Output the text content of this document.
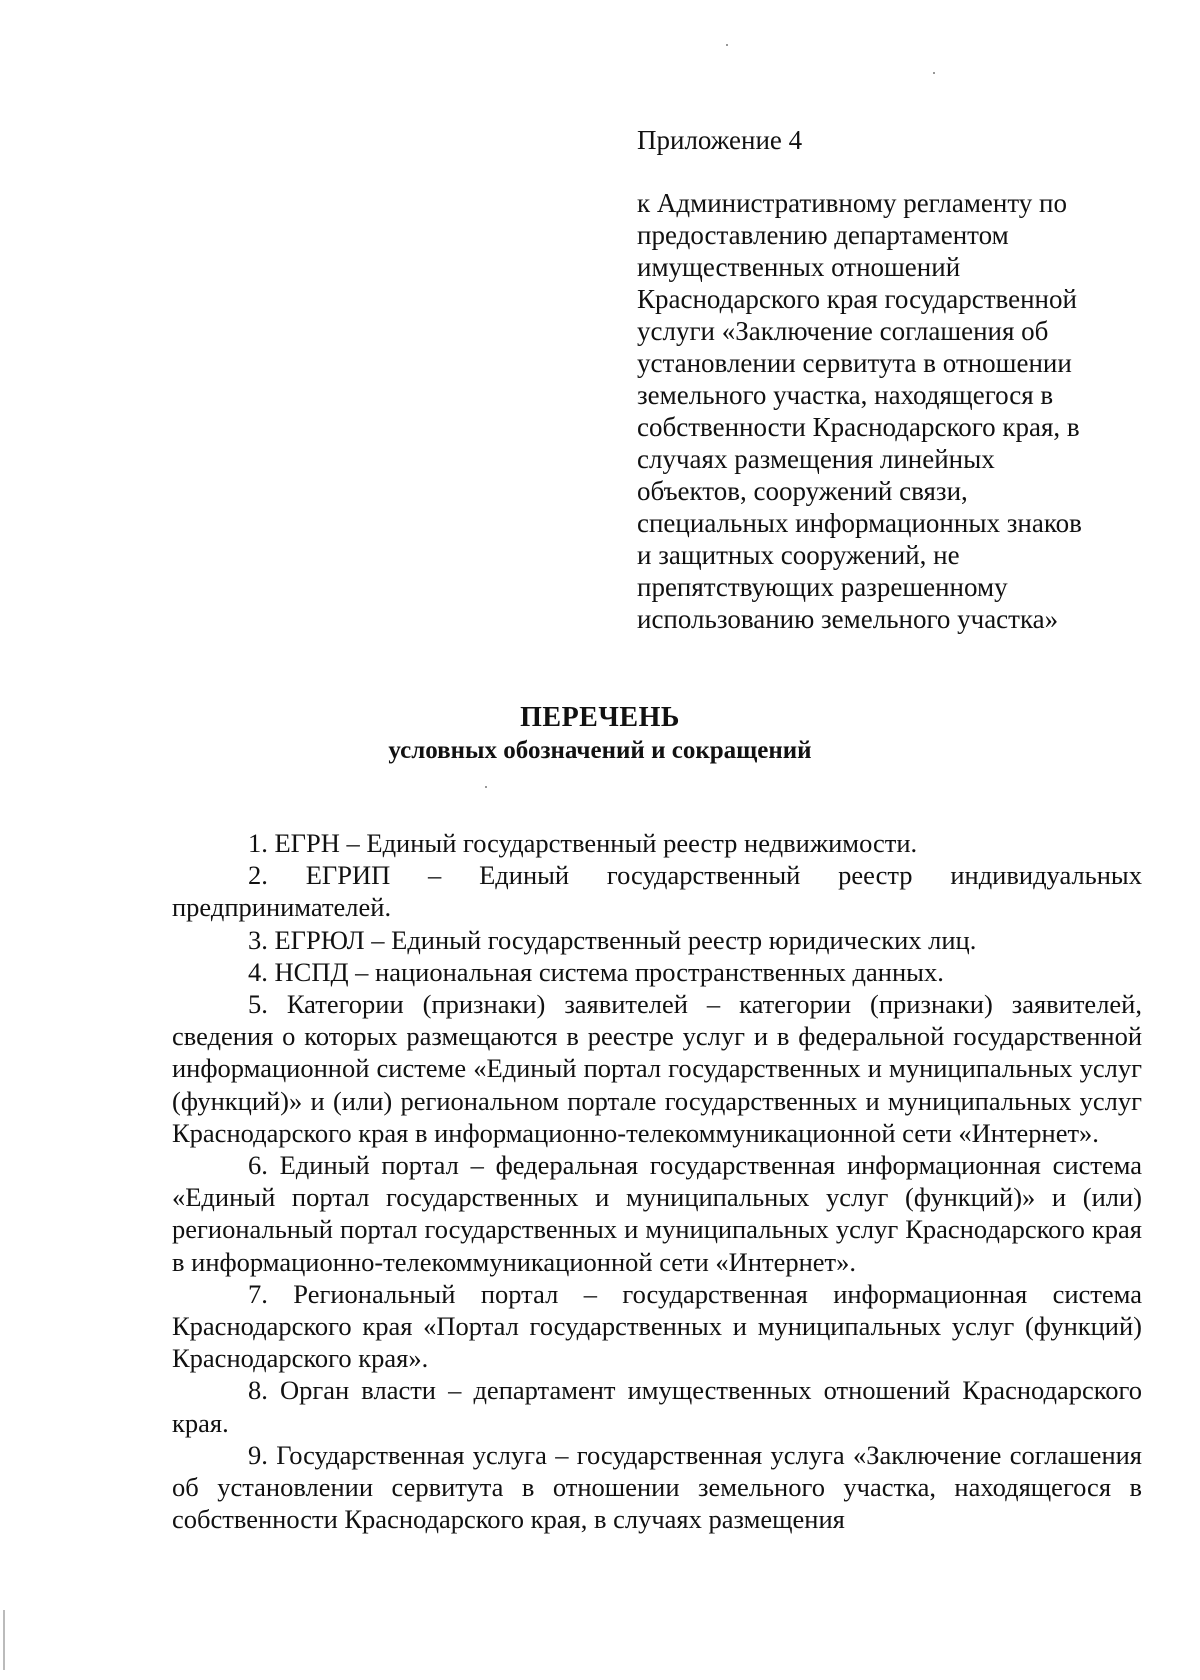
Приложение 4
к Административному регламенту по
предоставлению департаментом
имущественных отношений
Краснодарского края государственной
услуги «Заключение соглашения об
установлении сервитута в отношении
земельного участка, находящегося в
собственности Краснодарского края, в
случаях размещения линейных
объектов, сооружений связи,
специальных информационных знаков
и защитных сооружений, не
препятствующих разрешенному
использованию земельного участка»
ПЕРЕЧЕНЬ
условных обозначений и сокращений

1. ЕГРН – Единый государственный реестр недвижимости.

2. ЕГРИП – Единый государственный реестр индивидуальных предпринимателей.

3. ЕГРЮЛ – Единый государственный реестр юридических лиц.

4. НСПД – национальная система пространственных данных.

5. Категории (признаки) заявителей – категории (признаки) заявителей, сведения о которых размещаются в реестре услуг и в федеральной государственной информационной системе «Единый портал государственных и муниципальных услуг (функций)» и (или) региональном портале государственных и муниципальных услуг Краснодарского края в информационно-телекоммуникационной сети «Интернет».

6. Единый портал – федеральная государственная информационная система «Единый портал государственных и муниципальных услуг (функций)» и (или) региональный портал государственных и муниципальных услуг Краснодарского края в информационно-телекоммуникационной сети «Интернет».

7. Региональный портал – государственная информационная система Краснодарского края «Портал государственных и муниципальных услуг (функций) Краснодарского края».

8. Орган власти – департамент имущественных отношений Краснодарского края.

9. Государственная услуга – государственная услуга «Заключение соглашения об установлении сервитута в отношении земельного участка, находящегося в собственности Краснодарского края, в случаях размещения
